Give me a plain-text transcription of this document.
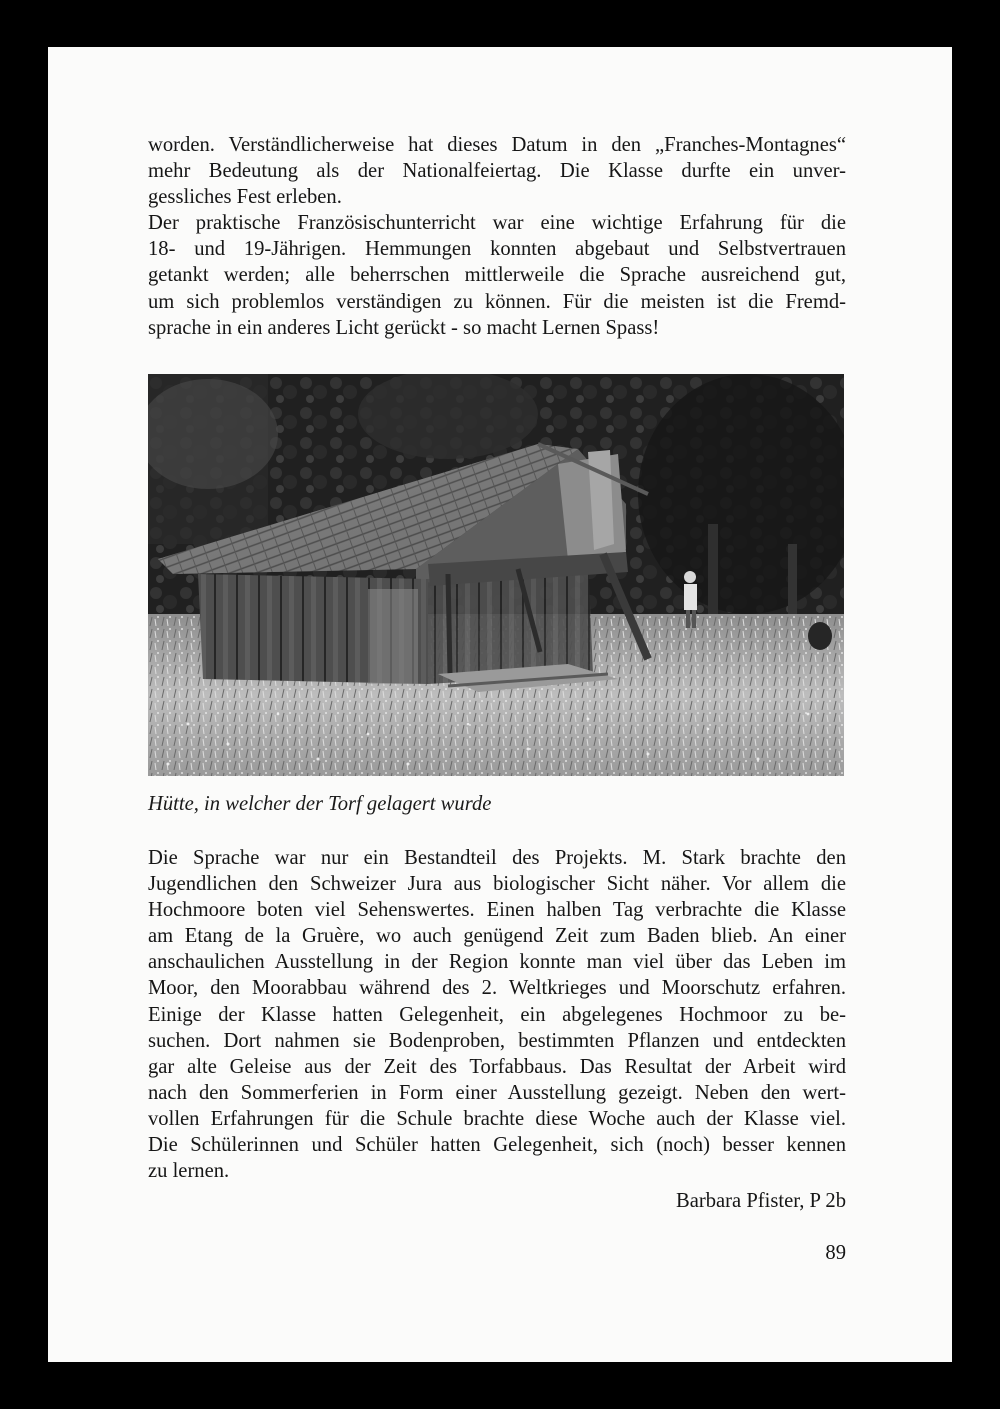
worden. Verständlicherweise hat dieses Datum in den „Franches-Montagnes“
mehr Bedeutung als der Nationalfeiertag. Die Klasse durfte ein unver-
gessliches Fest erleben.
Der praktische Französischunterricht war eine wichtige Erfahrung für die
18- und 19-Jährigen. Hemmungen konnten abgebaut und Selbstvertrauen
getankt werden; alle beherrschen mittlerweile die Sprache ausreichend gut,
um sich problemlos verständigen zu können. Für die meisten ist die Fremd-
sprache in ein anderes Licht gerückt - so macht Lernen Spass!

Hütte, in welcher der Torf gelagert wurde

Die Sprache war nur ein Bestandteil des Projekts. M. Stark brachte den
Jugendlichen den Schweizer Jura aus biologischer Sicht näher. Vor allem die
Hochmoore boten viel Sehenswertes. Einen halben Tag verbrachte die Klasse
am Etang de la Gruère, wo auch genügend Zeit zum Baden blieb. An einer
anschaulichen Ausstellung in der Region konnte man viel über das Leben im
Moor, den Moorabbau während des 2. Weltkrieges und Moorschutz erfahren.
Einige der Klasse hatten Gelegenheit, ein abgelegenes Hochmoor zu be-
suchen. Dort nahmen sie Bodenproben, bestimmten Pflanzen und entdeckten
gar alte Geleise aus der Zeit des Torfabbaus. Das Resultat der Arbeit wird
nach den Sommerferien in Form einer Ausstellung gezeigt. Neben den wert-
vollen Erfahrungen für die Schule brachte diese Woche auch der Klasse viel.
Die Schülerinnen und Schüler hatten Gelegenheit, sich (noch) besser kennen
zu lernen.
Barbara Pfister, P 2b
89
